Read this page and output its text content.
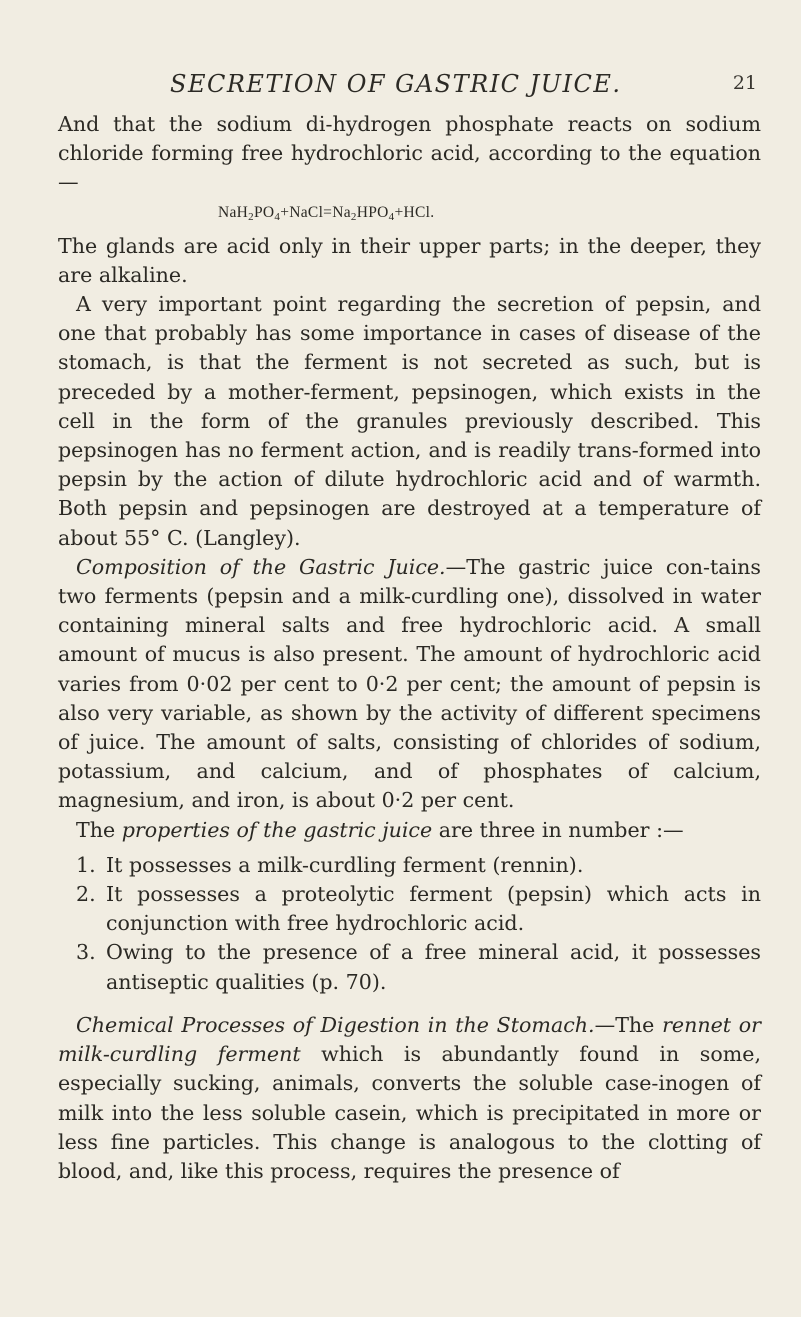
SECRETION OF GASTRIC JUICE.	21

And that the sodium di-hydrogen phosphate reacts on sodium chloride forming free hydrochloric acid, according to the equation—

$NaH_2PO_4+NaCl=Na_2HPO_4+HCl$.

The glands are acid only in their upper parts; in the deeper, they are alkaline.

A very important point regarding the secretion of pepsin, and one that probably has some importance in cases of disease of the stomach, is that the ferment is not secreted as such, but is preceded by a mother-ferment, pepsinogen, which exists in the cell in the form of the granules previously described. This pepsinogen has no ferment action, and is readily trans-formed into pepsin by the action of dilute hydrochloric acid and of warmth. Both pepsin and pepsinogen are destroyed at a temperature of about 55° C. (Langley).

Composition of the Gastric Juice.—The gastric juice con-tains two ferments (pepsin and a milk-curdling one), dissolved in water containing mineral salts and free hydrochloric acid. A small amount of mucus is also present. The amount of hydrochloric acid varies from 0·02 per cent to 0·2 per cent; the amount of pepsin is also very variable, as shown by the activity of different specimens of juice. The amount of salts, consisting of chlorides of sodium, potassium, and calcium, and of phosphates of calcium, magnesium, and iron, is about 0·2 per cent.

The properties of the gastric juice are three in number :—

1. It possesses a milk-curdling ferment (rennin).
2. It possesses a proteolytic ferment (pepsin) which acts in conjunction with free hydrochloric acid.
3. Owing to the presence of a free mineral acid, it possesses antiseptic qualities (p. 70).

Chemical Processes of Digestion in the Stomach.—The rennet or milk-curdling ferment which is abundantly found in some, especially sucking, animals, converts the soluble case-inogen of milk into the less soluble casein, which is precipitated in more or less fine particles. This change is analogous to the clotting of blood, and, like this process, requires the presence of
